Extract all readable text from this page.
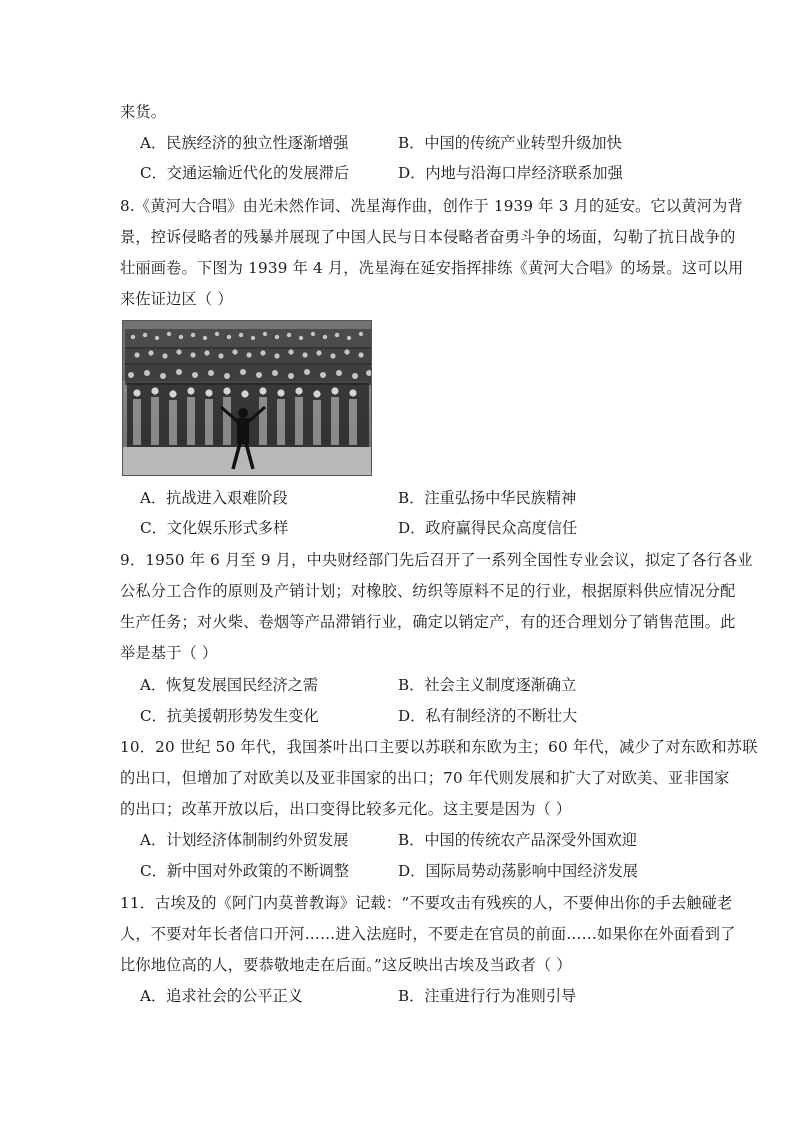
来货。
A．民族经济的独立性逐渐增强	B．中国的传统产业转型升级加快
C．交通运输近代化的发展滞后	D．内地与沿海口岸经济联系加强
8.《黄河大合唱》由光未然作词、冼星海作曲，创作于 1939 年 3 月的延安。它以黄河为背
景，控诉侵略者的残暴并展现了中国人民与日本侵略者奋勇斗争的场面，勾勒了抗日战争的
壮丽画卷。下图为 1939 年 4 月，冼星海在延安指挥排练《黄河大合唱》的场景。这可以用
来佐证边区（ ）
A．抗战进入艰难阶段	B．注重弘扬中华民族精神
C．文化娱乐形式多样	D．政府赢得民众高度信任
9．1950 年 6 月至 9 月，中央财经部门先后召开了一系列全国性专业会议，拟定了各行各业
公私分工合作的原则及产销计划；对橡胶、纺织等原料不足的行业，根据原料供应情况分配
生产任务；对火柴、卷烟等产品滞销行业，确定以销定产，有的还合理划分了销售范围。此
举是基于（ ）
A．恢复发展国民经济之需	B．社会主义制度逐渐确立
C．抗美援朝形势发生变化	D．私有制经济的不断壮大
10．20 世纪 50 年代，我国茶叶出口主要以苏联和东欧为主；60 年代，减少了对东欧和苏联
的出口，但增加了对欧美以及亚非国家的出口；70 年代则发展和扩大了对欧美、亚非国家
的出口；改革开放以后，出口变得比较多元化。这主要是因为（ ）
A．计划经济体制制约外贸发展	B．中国的传统农产品深受外国欢迎
C．新中国对外政策的不断调整	D．国际局势动荡影响中国经济发展
11．古埃及的《阿门内莫普教诲》记载：“不要攻击有残疾的人，不要伸出你的手去触碰老
人，不要对年长者信口开河……进入法庭时，不要走在官员的前面……如果你在外面看到了
比你地位高的人，要恭敬地走在后面。”这反映出古埃及当政者（ ）
A．追求社会的公平正义	B．注重进行行为准则引导
